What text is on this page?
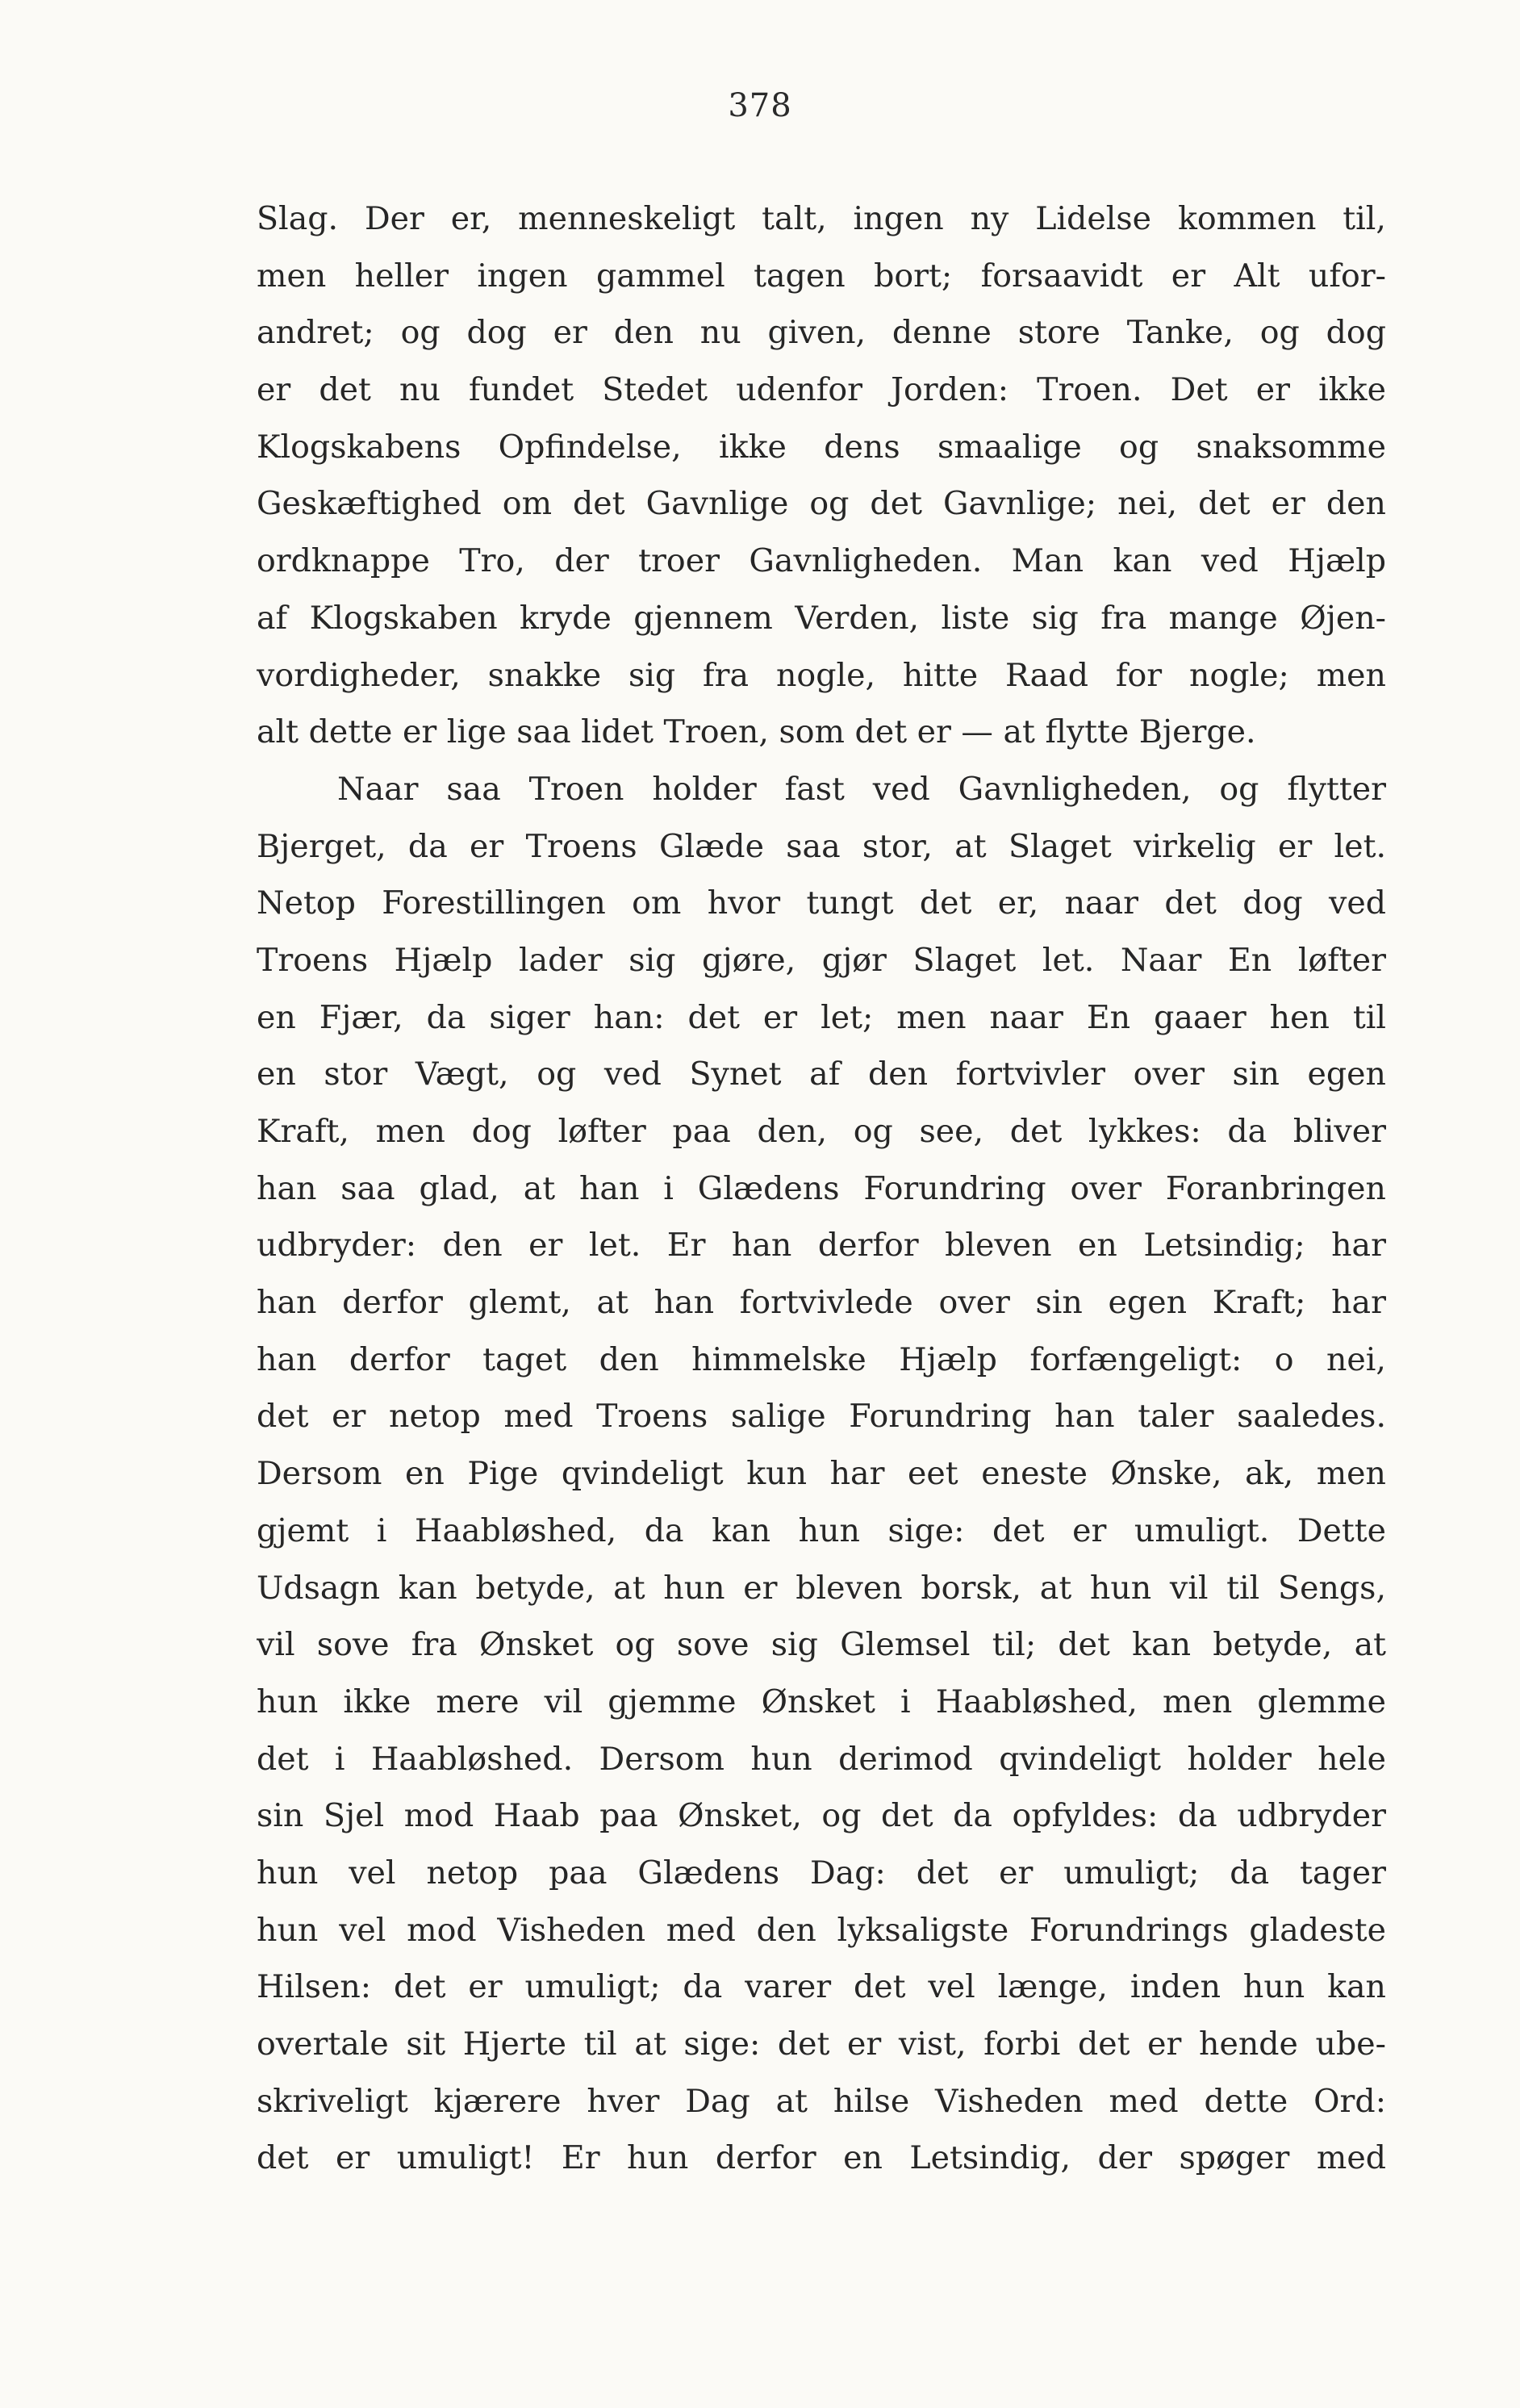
378
Slag. Der er, menneskeligt talt, ingen ny Lidelse kommen til,
men heller ingen gammel tagen bort; forsaavidt er Alt ufor-
andret; og dog er den nu given, denne store Tanke, og dog
er det nu fundet Stedet udenfor Jorden: Troen. Det er ikke
Klogskabens Opfindelse, ikke dens smaalige og snaksomme
Geskæftighed om det Gavnlige og det Gavnlige; nei, det er den
ordknappe Tro, der troer Gavnligheden. Man kan ved Hjælp
af Klogskaben kryde gjennem Verden, liste sig fra mange Øjen-
vordigheder, snakke sig fra nogle, hitte Raad for nogle; men
alt dette er lige saa lidet Troen, som det er — at flytte Bjerge.
Naar saa Troen holder fast ved Gavnligheden, og flytter
Bjerget, da er Troens Glæde saa stor, at Slaget virkelig er let.
Netop Forestillingen om hvor tungt det er, naar det dog ved
Troens Hjælp lader sig gjøre, gjør Slaget let. Naar En løfter
en Fjær, da siger han: det er let; men naar En gaaer hen til
en stor Vægt, og ved Synet af den fortvivler over sin egen
Kraft, men dog løfter paa den, og see, det lykkes: da bliver
han saa glad, at han i Glædens Forundring over Foranbringen
udbryder: den er let. Er han derfor bleven en Letsindig; har
han derfor glemt, at han fortvivlede over sin egen Kraft; har
han derfor taget den himmelske Hjælp forfængeligt: o nei,
det er netop med Troens salige Forundring han taler saaledes.
Dersom en Pige qvindeligt kun har eet eneste Ønske, ak, men
gjemt i Haabløshed, da kan hun sige: det er umuligt. Dette
Udsagn kan betyde, at hun er bleven borsk, at hun vil til Sengs,
vil sove fra Ønsket og sove sig Glemsel til; det kan betyde, at
hun ikke mere vil gjemme Ønsket i Haabløshed, men glemme
det i Haabløshed. Dersom hun derimod qvindeligt holder hele
sin Sjel mod Haab paa Ønsket, og det da opfyldes: da udbryder
hun vel netop paa Glædens Dag: det er umuligt; da tager
hun vel mod Visheden med den lyksaligste Forundrings gladeste
Hilsen: det er umuligt; da varer det vel længe, inden hun kan
overtale sit Hjerte til at sige: det er vist, forbi det er hende ube-
skriveligt kjærere hver Dag at hilse Visheden med dette Ord:
det er umuligt! Er hun derfor en Letsindig, der spøger med
